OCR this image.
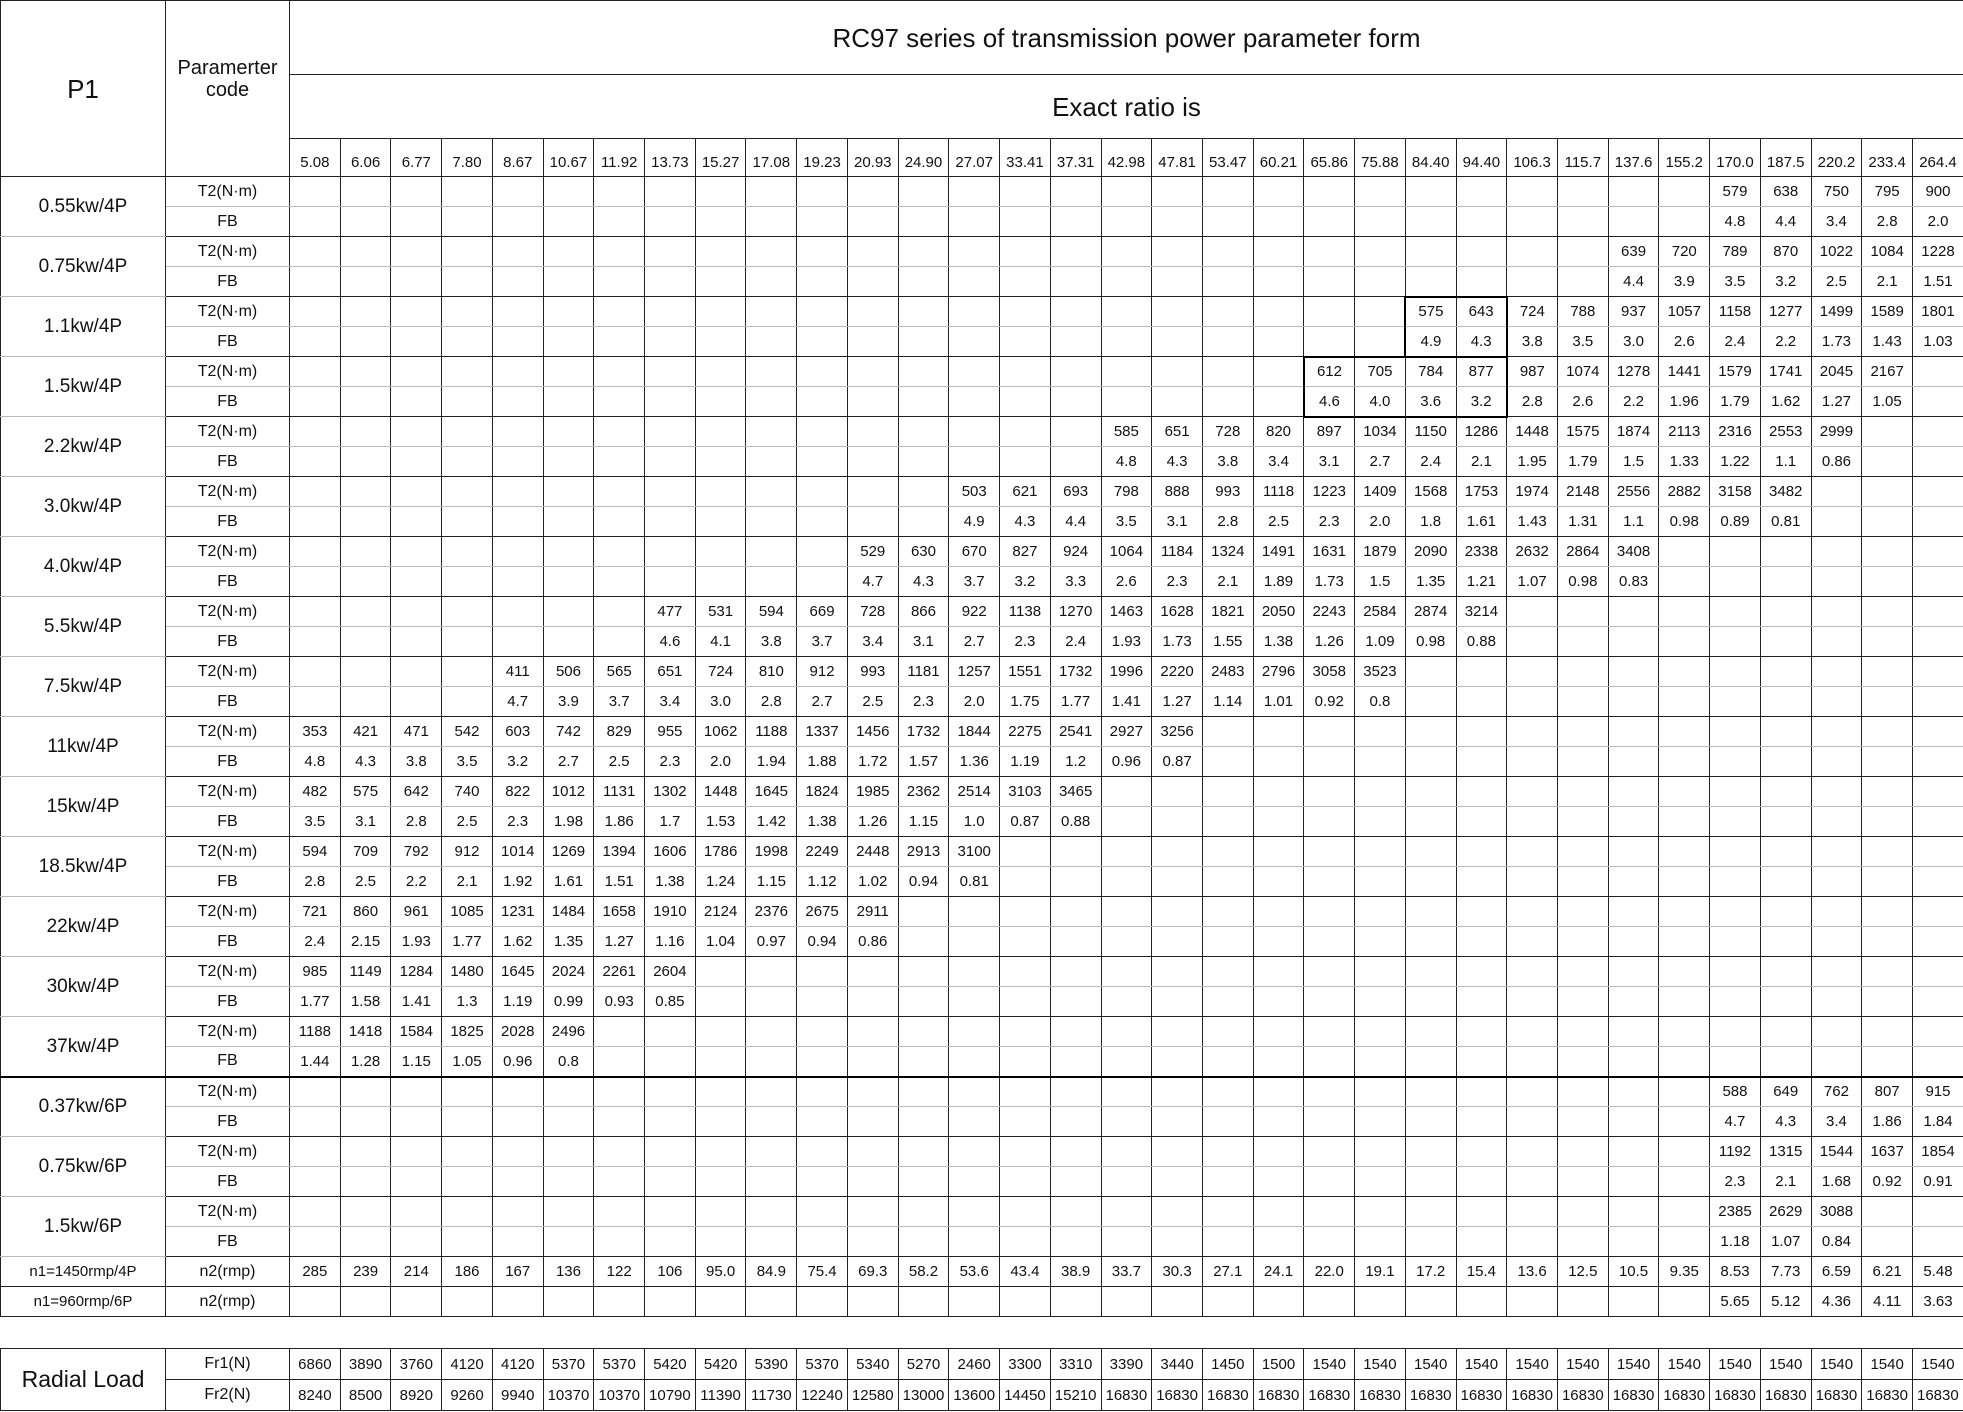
P1	Paramerter
code	RC97 series of transmission power parameter form																																
		Exact ratio is																																
		5.08	6.06	6.77	7.80	8.67	10.67	11.92	13.73	15.27	17.08	19.23	20.93	24.90	27.07	33.41	37.31	42.98	47.81	53.47	60.21	65.86	75.88	84.40	94.40	106.3	115.7	137.6	155.2	170.0	187.5	220.2	233.4	264.4
0.55kw/4P	T2(N·m)																													579	638	750	795	900
	FB																													4.8	4.4	3.4	2.8	2.0
0.75kw/4P	T2(N·m)																											639	720	789	870	1022	1084	1228
	FB																											4.4	3.9	3.5	3.2	2.5	2.1	1.51
1.1kw/4P	T2(N·m)																							575	643	724	788	937	1057	1158	1277	1499	1589	1801
	FB																							4.9	4.3	3.8	3.5	3.0	2.6	2.4	2.2	1.73	1.43	1.03
1.5kw/4P	T2(N·m)																					612	705	784	877	987	1074	1278	1441	1579	1741	2045	2167	
	FB																					4.6	4.0	3.6	3.2	2.8	2.6	2.2	1.96	1.79	1.62	1.27	1.05	
2.2kw/4P	T2(N·m)																	585	651	728	820	897	1034	1150	1286	1448	1575	1874	2113	2316	2553	2999		
	FB																	4.8	4.3	3.8	3.4	3.1	2.7	2.4	2.1	1.95	1.79	1.5	1.33	1.22	1.1	0.86		
3.0kw/4P	T2(N·m)														503	621	693	798	888	993	1118	1223	1409	1568	1753	1974	2148	2556	2882	3158	3482			
	FB														4.9	4.3	4.4	3.5	3.1	2.8	2.5	2.3	2.0	1.8	1.61	1.43	1.31	1.1	0.98	0.89	0.81			
4.0kw/4P	T2(N·m)												529	630	670	827	924	1064	1184	1324	1491	1631	1879	2090	2338	2632	2864	3408						
	FB												4.7	4.3	3.7	3.2	3.3	2.6	2.3	2.1	1.89	1.73	1.5	1.35	1.21	1.07	0.98	0.83						
5.5kw/4P	T2(N·m)								477	531	594	669	728	866	922	1138	1270	1463	1628	1821	2050	2243	2584	2874	3214									
	FB								4.6	4.1	3.8	3.7	3.4	3.1	2.7	2.3	2.4	1.93	1.73	1.55	1.38	1.26	1.09	0.98	0.88									
7.5kw/4P	T2(N·m)					411	506	565	651	724	810	912	993	1181	1257	1551	1732	1996	2220	2483	2796	3058	3523											
	FB					4.7	3.9	3.7	3.4	3.0	2.8	2.7	2.5	2.3	2.0	1.75	1.77	1.41	1.27	1.14	1.01	0.92	0.8											
11kw/4P	T2(N·m)	353	421	471	542	603	742	829	955	1062	1188	1337	1456	1732	1844	2275	2541	2927	3256															
	FB	4.8	4.3	3.8	3.5	3.2	2.7	2.5	2.3	2.0	1.94	1.88	1.72	1.57	1.36	1.19	1.2	0.96	0.87															
15kw/4P	T2(N·m)	482	575	642	740	822	1012	1131	1302	1448	1645	1824	1985	2362	2514	3103	3465																	
	FB	3.5	3.1	2.8	2.5	2.3	1.98	1.86	1.7	1.53	1.42	1.38	1.26	1.15	1.0	0.87	0.88																	
18.5kw/4P	T2(N·m)	594	709	792	912	1014	1269	1394	1606	1786	1998	2249	2448	2913	3100																			
	FB	2.8	2.5	2.2	2.1	1.92	1.61	1.51	1.38	1.24	1.15	1.12	1.02	0.94	0.81																			
22kw/4P	T2(N·m)	721	860	961	1085	1231	1484	1658	1910	2124	2376	2675	2911																					
	FB	2.4	2.15	1.93	1.77	1.62	1.35	1.27	1.16	1.04	0.97	0.94	0.86																					
30kw/4P	T2(N·m)	985	1149	1284	1480	1645	2024	2261	2604																									
	FB	1.77	1.58	1.41	1.3	1.19	0.99	0.93	0.85																									
37kw/4P	T2(N·m)	1188	1418	1584	1825	2028	2496																											
	FB	1.44	1.28	1.15	1.05	0.96	0.8																											
0.37kw/6P	T2(N·m)																													588	649	762	807	915
	FB																													4.7	4.3	3.4	1.86	1.84
0.75kw/6P	T2(N·m)																													1192	1315	1544	1637	1854
	FB																													2.3	2.1	1.68	0.92	0.91
1.5kw/6P	T2(N·m)																													2385	2629	3088		
	FB																													1.18	1.07	0.84		
n1=1450rmp/4P	n2(rmp)	285	239	214	186	167	136	122	106	95.0	84.9	75.4	69.3	58.2	53.6	43.4	38.9	33.7	30.3	27.1	24.1	22.0	19.1	17.2	15.4	13.6	12.5	10.5	9.35	8.53	7.73	6.59	6.21	5.48
n1=960rmp/6P	n2(rmp)																													5.65	5.12	4.36	4.11	3.63
Radial Load	Fr1(N)	6860	3890	3760	4120	4120	5370	5370	5420	5420	5390	5370	5340	5270	2460	3300	3310	3390	3440	1450	1500	1540	1540	1540	1540	1540	1540	1540	1540	1540	1540	1540	1540	1540
	Fr2(N)	8240	8500	8920	9260	9940	10370	10370	10790	11390	11730	12240	12580	13000	13600	14450	15210	16830	16830	16830	16830	16830	16830	16830	16830	16830	16830	16830	16830	16830	16830	16830	16830	16830
